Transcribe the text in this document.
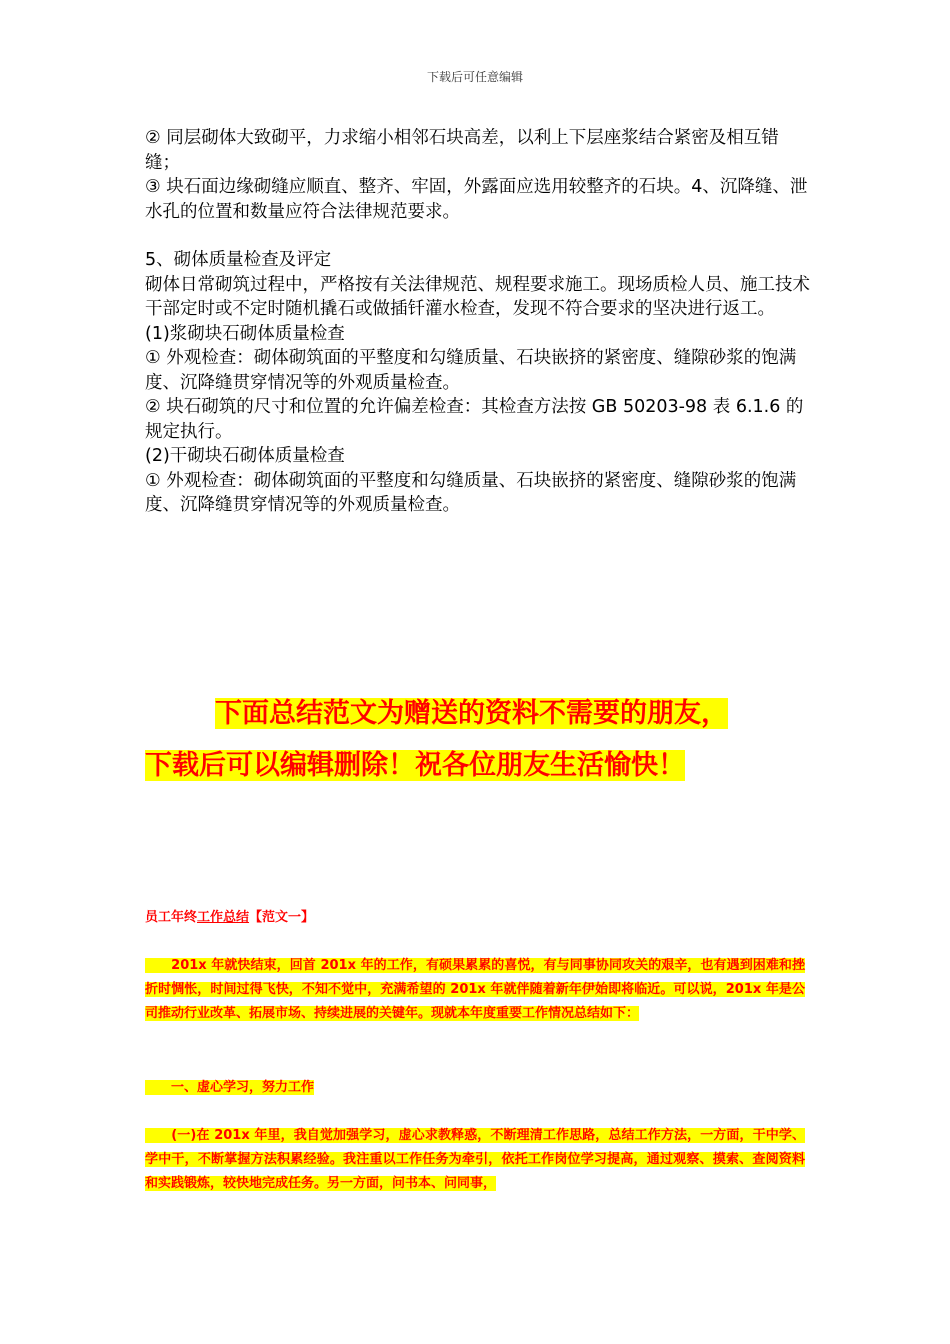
下载后可任意编辑

② 同层砌体大致砌平，力求缩小相邻石块高差，以利上下层座浆结合紧密及相互错缝；

③ 块石面边缘砌缝应顺直、整齐、牢固，外露面应选用较整齐的石块。4、沉降缝、泄水孔的位置和数量应符合法律规范要求。

5、砌体质量检查及评定

砌体日常砌筑过程中，严格按有关法律规范、规程要求施工。现场质检人员、施工技术干部定时或不定时随机撬石或做插钎灌水检查，发现不符合要求的坚决进行返工。

(1)浆砌块石砌体质量检查

① 外观检查：砌体砌筑面的平整度和勾缝质量、石块嵌挤的紧密度、缝隙砂浆的饱满度、沉降缝贯穿情况等的外观质量检查。

② 块石砌筑的尺寸和位置的允许偏差检查：其检查方法按 GB 50203-98 表 6.1.6 的规定执行。

(2)干砌块石砌体质量检查

① 外观检查：砌体砌筑面的平整度和勾缝质量、石块嵌挤的紧密度、缝隙砂浆的饱满度、沉降缝贯穿情况等的外观质量检查。

下面总结范文为赠送的资料不需要的朋友，
下载后可以编辑删除！祝各位朋友生活愉快！
员工年终工作总结【范文一】
　　201x 年就快结束，回首 201x 年的工作，有硕果累累的喜悦，有与同事协同攻关的艰辛，也有遇到困难和挫折时惆怅，时间过得飞快，不知不觉中，充满希望的 201x 年就伴随着新年伊始即将临近。可以说，201x 年是公司推动行业改革、拓展市场、持续进展的关键年。现就本年度重要工作情况总结如下：
　　一、虚心学习，努力工作
　　(一)在 201x 年里，我自觉加强学习，虚心求教释惑，不断理清工作思路，总结工作方法，一方面，干中学、学中干，不断掌握方法积累经验。我注重以工作任务为牵引，依托工作岗位学习提高，通过观察、摸索、查阅资料和实践锻炼，较快地完成任务。另一方面，问书本、问同事，
